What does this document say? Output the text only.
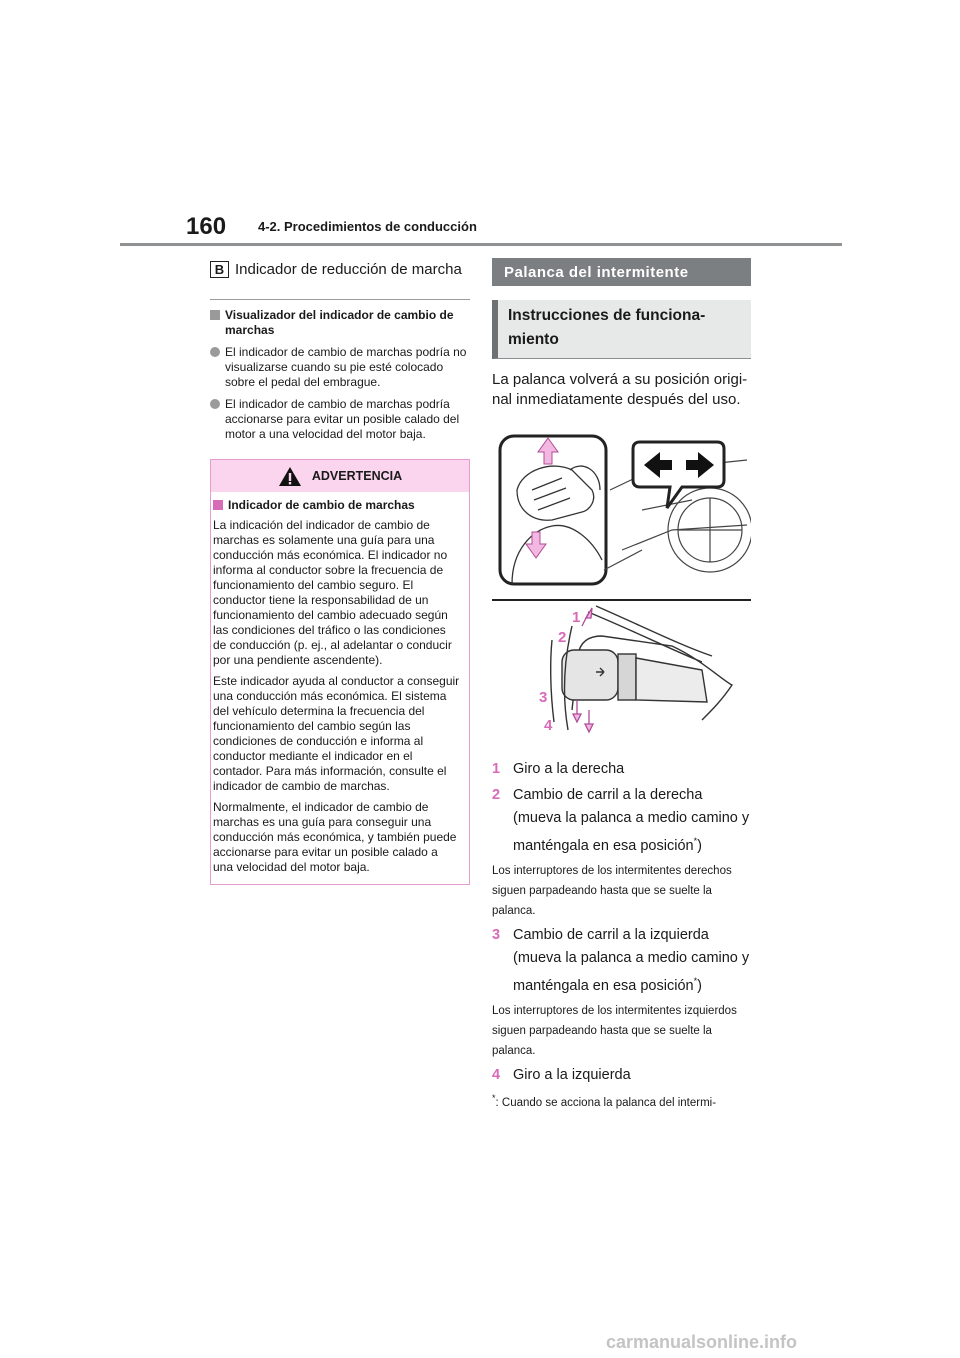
160 4-2. Procedimientos de conducción
B Indicador de reducción de marcha
Visualizador del indicador de cambio de marchas
El indicador de cambio de marchas podría no visualizarse cuando su pie esté colocado sobre el pedal del embrague.
El indicador de cambio de marchas podría accionarse para evitar un posible calado del motor a una velocidad del motor baja.
ADVERTENCIA
Indicador de cambio de marchas

La indicación del indicador de cambio de marchas es solamente una guía para una conducción más económica. El indicador no informa al conductor sobre la frecuencia de funcionamiento del cambio seguro. El conductor tiene la responsabilidad de un funcionamiento del cambio adecuado según las condiciones del tráfico o las condiciones de conducción (p. ej., al adelantar o conducir por una pendiente ascendente).

Este indicador ayuda al conductor a conseguir una conducción más económica. El sistema del vehículo determina la frecuencia del funcionamiento del cambio según las condiciones de conducción e informa al conductor mediante el indicador en el contador. Para más información, consulte el indicador de cambio de marchas.

Normalmente, el indicador de cambio de marchas es una guía para conseguir una conducción más económica, y también puede accionarse para evitar un posible calado a una velocidad del motor baja.

Palanca del intermitente
Instrucciones de funcionamiento
La palanca volverá a su posición original inmediatamente después del uso.
1
2
3
4
1 Giro a la derecha
2 Cambio de carril a la derecha (mueva la palanca a medio camino y manténgala en esa posición*)
Los interruptores de los intermitentes derechos siguen parpadeando hasta que se suelte la palanca.
3 Cambio de carril a la izquierda (mueva la palanca a medio camino y manténgala en esa posición*)
Los interruptores de los intermitentes izquierdos siguen parpadeando hasta que se suelte la palanca.
4 Giro a la izquierda
*: Cuando se acciona la palanca del intermi-
carmanualsonline.info
